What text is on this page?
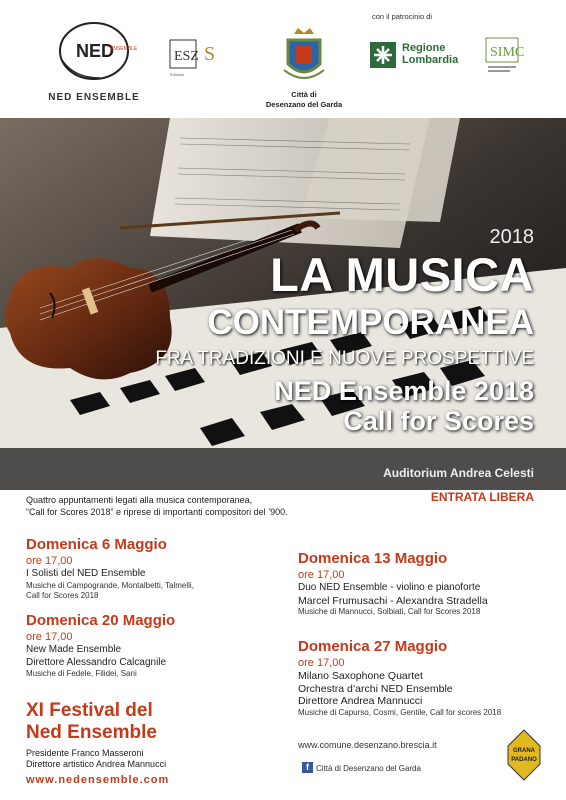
NED
ENSEMBLE
NED ENSEMBLE
ESZ S
Edizioni
Città di
Desenzano del Garda
con il patrocinio di
Regione
Lombardia SIMC
2018
LA MUSICA
CONTEMPORANEA
FRA TRADIZIONI E NUOVE PROSPETTIVE
NED Ensemble 2018
Call for Scores
Auditorium Andrea Celesti
Quattro appuntamenti legati alla musica contemporanea,
“Call for Scores 2018” e riprese di importanti compositori del ’900.
ENTRATA LIBERA
Domenica 6 Maggio
ore 17,00
I Solisti del NED Ensemble
Musiche di Campogrande, Montalbetti, Talmelli,
Call for Scores 2018
Domenica 20 Maggio
ore 17,00
New Made Ensemble
Direttore Alessandro Calcagnile
Musiche di Fedele, Filidei, Sani
Domenica 13 Maggio
ore 17,00
Duo NED Ensemble - violino e pianoforte
Marcel Frumusachi - Alexandra Stradella
Musiche di Mannucci, Solbiati, Call for Scores 2018
Domenica 27 Maggio
ore 17,00
Milano Saxophone Quartet
Orchestra d’archi NED Ensemble
Direttore Andrea Mannucci
Musiche di Capurso, Cosmi, Gentile, Call for scores 2018
XI Festival del
Ned Ensemble
Presidente Franco Masseroni
Direttore artistico Andrea Mannucci
www.nedensemble.com
www.comune.desenzano.brescia.it
f Città di Desenzano del Garda
GRANA
PADANO
